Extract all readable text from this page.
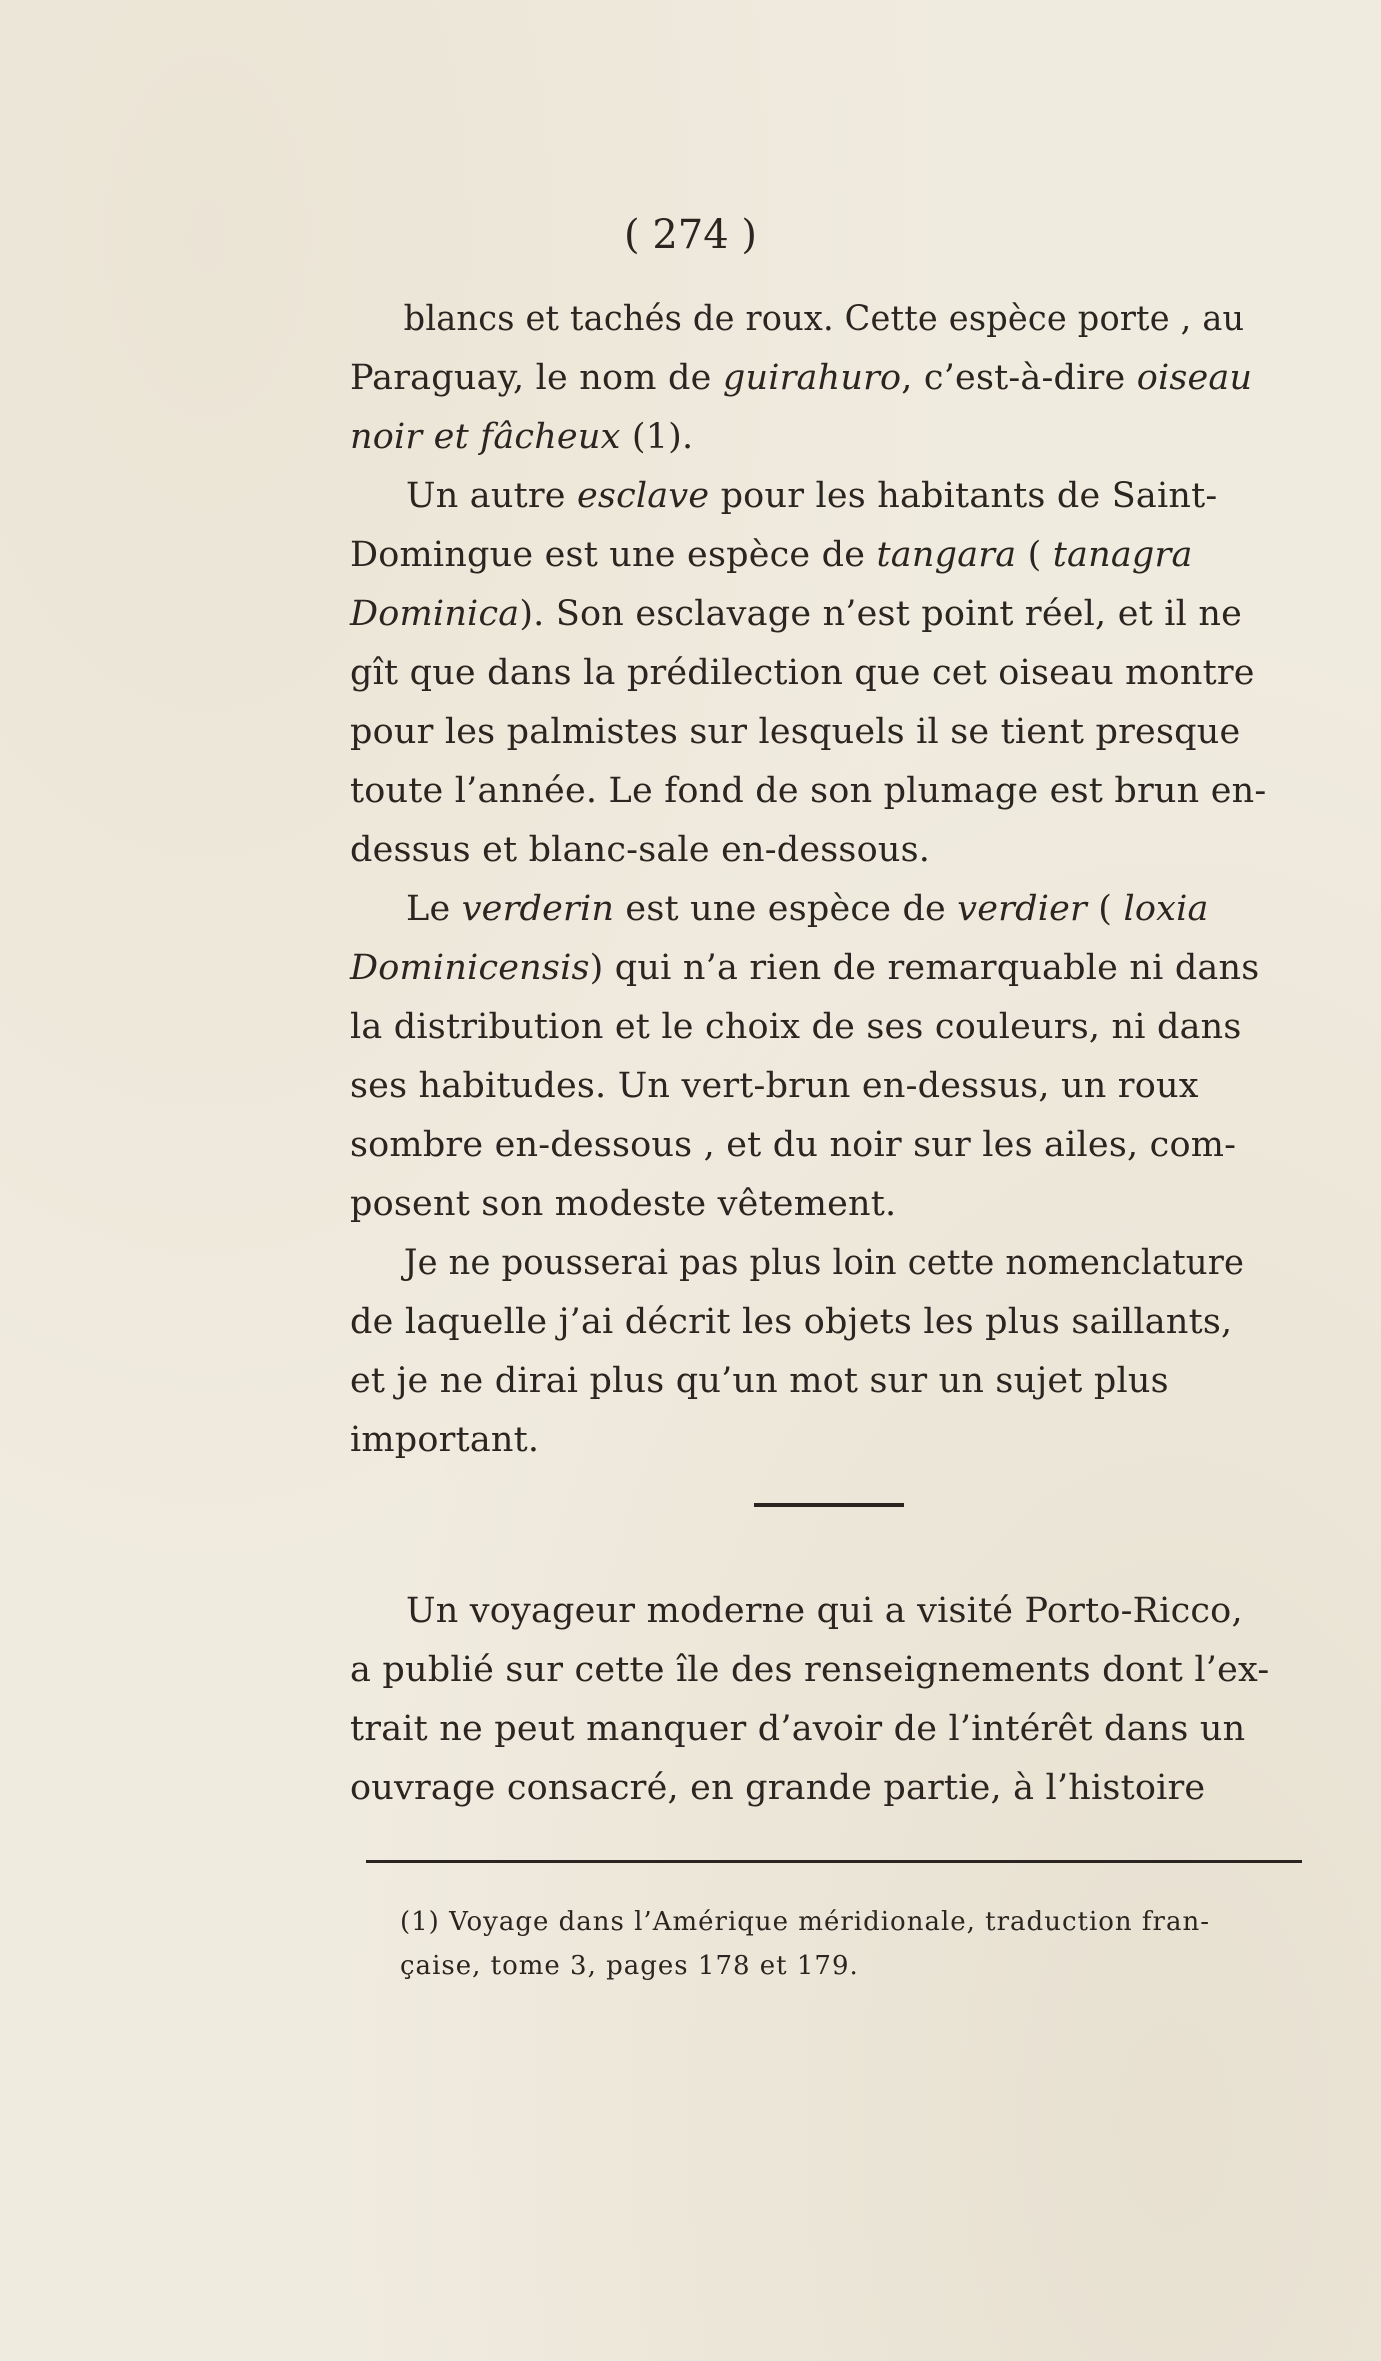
( 274 )
blancs et tachés de roux. Cette espèce porte , au
Paraguay, le nom de guirahuro, c’est-à-dire oiseau
noir et fâcheux (1).
Un autre esclave pour les habitants de Saint-
Domingue est une espèce de tangara ( tanagra
Dominica). Son esclavage n’est point réel, et il ne
gît que dans la prédilection que cet oiseau montre
pour les palmistes sur lesquels il se tient presque
toute l’année. Le fond de son plumage est brun en-
dessus et blanc-sale en-dessous.
Le verderin est une espèce de verdier ( loxia
Dominicensis) qui n’a rien de remarquable ni dans
la distribution et le choix de ses couleurs, ni dans
ses habitudes. Un vert-brun en-dessus, un roux
sombre en-dessous , et du noir sur les ailes, com-
posent son modeste vêtement.
Je ne pousserai pas plus loin cette nomenclature
de laquelle j’ai décrit les objets les plus saillants,
et je ne dirai plus qu’un mot sur un sujet plus
important.
Un voyageur moderne qui a visité Porto-Ricco,
a publié sur cette île des renseignements dont l’ex-
trait ne peut manquer d’avoir de l’intérêt dans un
ouvrage consacré, en grande partie, à l’histoire
(1) Voyage dans l’Amérique méridionale, traduction fran-
çaise, tome 3, pages 178 et 179.
